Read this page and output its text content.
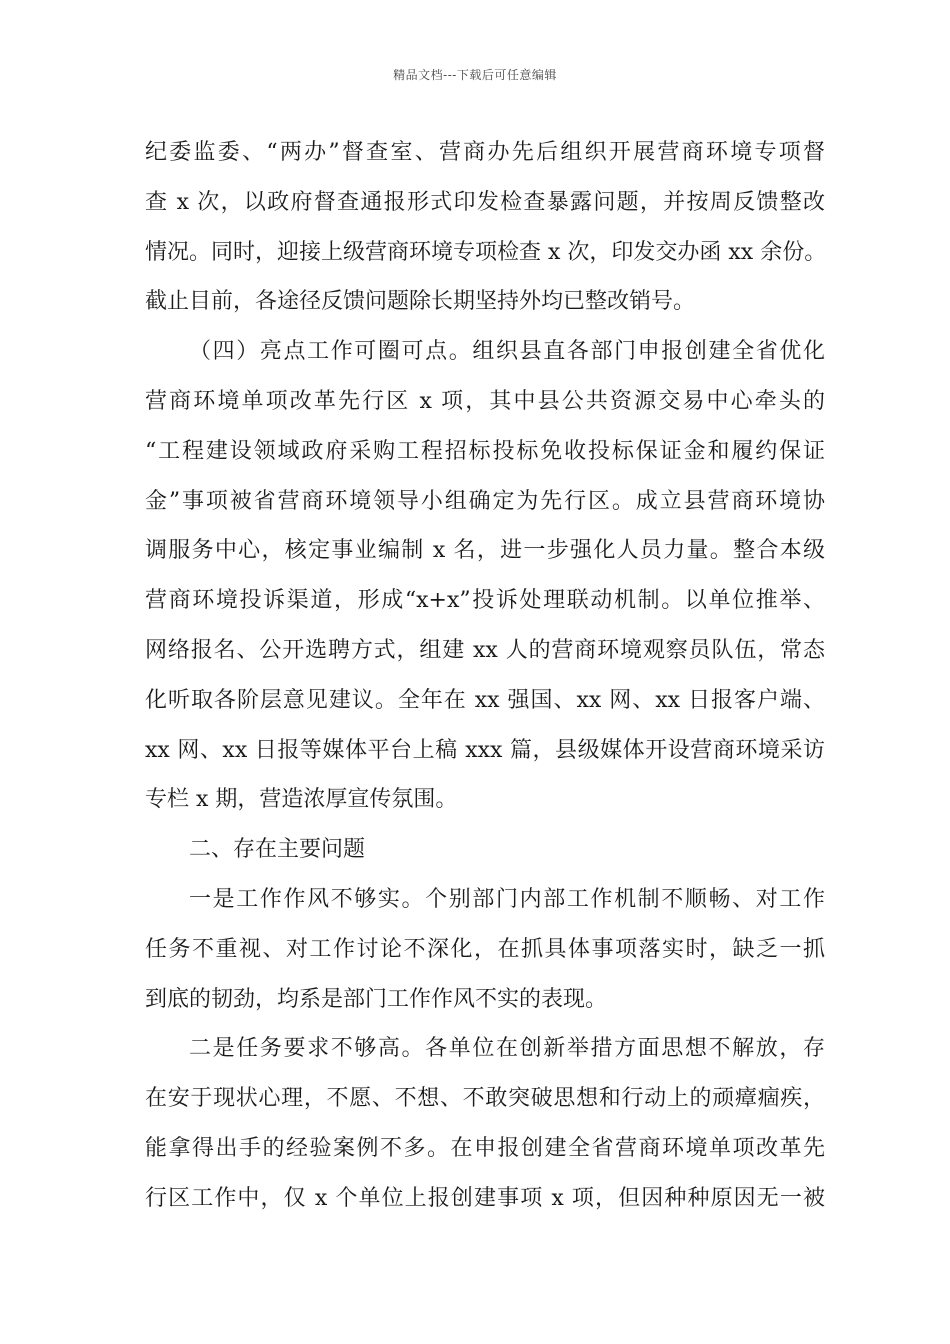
精品文档---下载后可任意编辑
纪委监委、“两办”督查室、营商办先后组织开展营商环境专项督
查 x 次，以政府督查通报形式印发检查暴露问题，并按周反馈整改
情况。同时，迎接上级营商环境专项检查 x 次，印发交办函 xx 余份。
截止目前，各途径反馈问题除长期坚持外均已整改销号。
（四）亮点工作可圈可点。组织县直各部门申报创建全省优化
营商环境单项改革先行区 x 项，其中县公共资源交易中心牵头的
“工程建设领域政府采购工程招标投标免收投标保证金和履约保证
金”事项被省营商环境领导小组确定为先行区。成立县营商环境协
调服务中心，核定事业编制 x 名，进一步强化人员力量。整合本级
营商环境投诉渠道，形成“x+x”投诉处理联动机制。以单位推举、
网络报名、公开选聘方式，组建 xx 人的营商环境观察员队伍，常态
化听取各阶层意见建议。全年在 xx 强国、xx 网、xx 日报客户端、
xx 网、xx 日报等媒体平台上稿 xxx 篇，县级媒体开设营商环境采访
专栏 x 期，营造浓厚宣传氛围。
二、存在主要问题
一是工作作风不够实。个别部门内部工作机制不顺畅、对工作
任务不重视、对工作讨论不深化，在抓具体事项落实时，缺乏一抓
到底的韧劲，均系是部门工作作风不实的表现。
二是任务要求不够高。各单位在创新举措方面思想不解放，存
在安于现状心理，不愿、不想、不敢突破思想和行动上的顽瘴痼疾，
能拿得出手的经验案例不多。在申报创建全省营商环境单项改革先
行区工作中，仅 x 个单位上报创建事项 x 项，但因种种原因无一被
